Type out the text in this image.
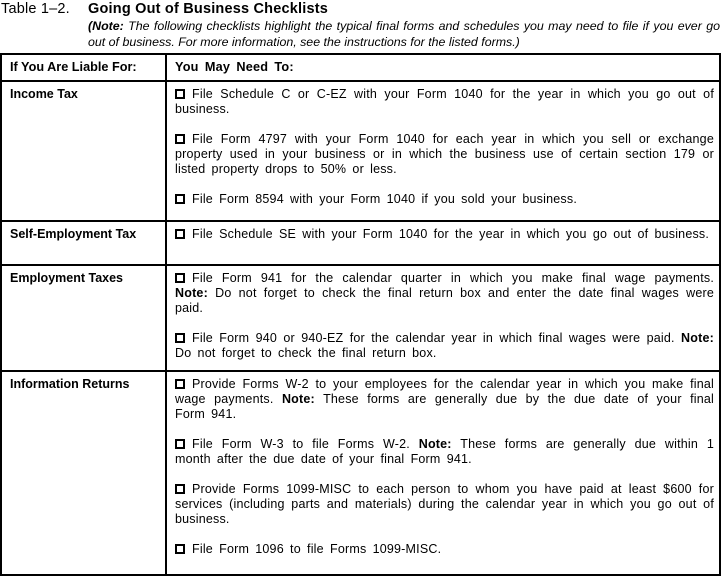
Table 1–2.	Going Out of Business Checklists
(Note: The following checklists highlight the typical final forms and schedules you may need to file if you ever go out of business. For more information, see the instructions for the listed forms.)
If You Are Liable For:	You May Need To:
Income Tax	File Schedule C or C-EZ with your Form 1040 for the year in which you go out of business.

File Form 4797 with your Form 1040 for each year in which you sell or exchange property used in your business or in which the business use of certain section 179 or listed property drops to 50% or less.

File Form 8594 with your Form 1040 if you sold your business.

Self-Employment Tax	File Schedule SE with your Form 1040 for the year in which you go out of business.

Employment Taxes	File Form 941 for the calendar quarter in which you make final wage payments. Note: Do not forget to check the final return box and enter the date final wages were paid.

File Form 940 or 940-EZ for the calendar year in which final wages were paid. Note: Do not forget to check the final return box.

Information Returns	Provide Forms W-2 to your employees for the calendar year in which you make final wage payments. Note: These forms are generally due by the due date of your final Form 941.

File Form W-3 to file Forms W-2. Note: These forms are generally due within 1 month after the due date of your final Form 941.

Provide Forms 1099-MISC to each person to whom you have paid at least $600 for services (including parts and materials) during the calendar year in which you go out of business.

File Form 1096 to file Forms 1099-MISC.
